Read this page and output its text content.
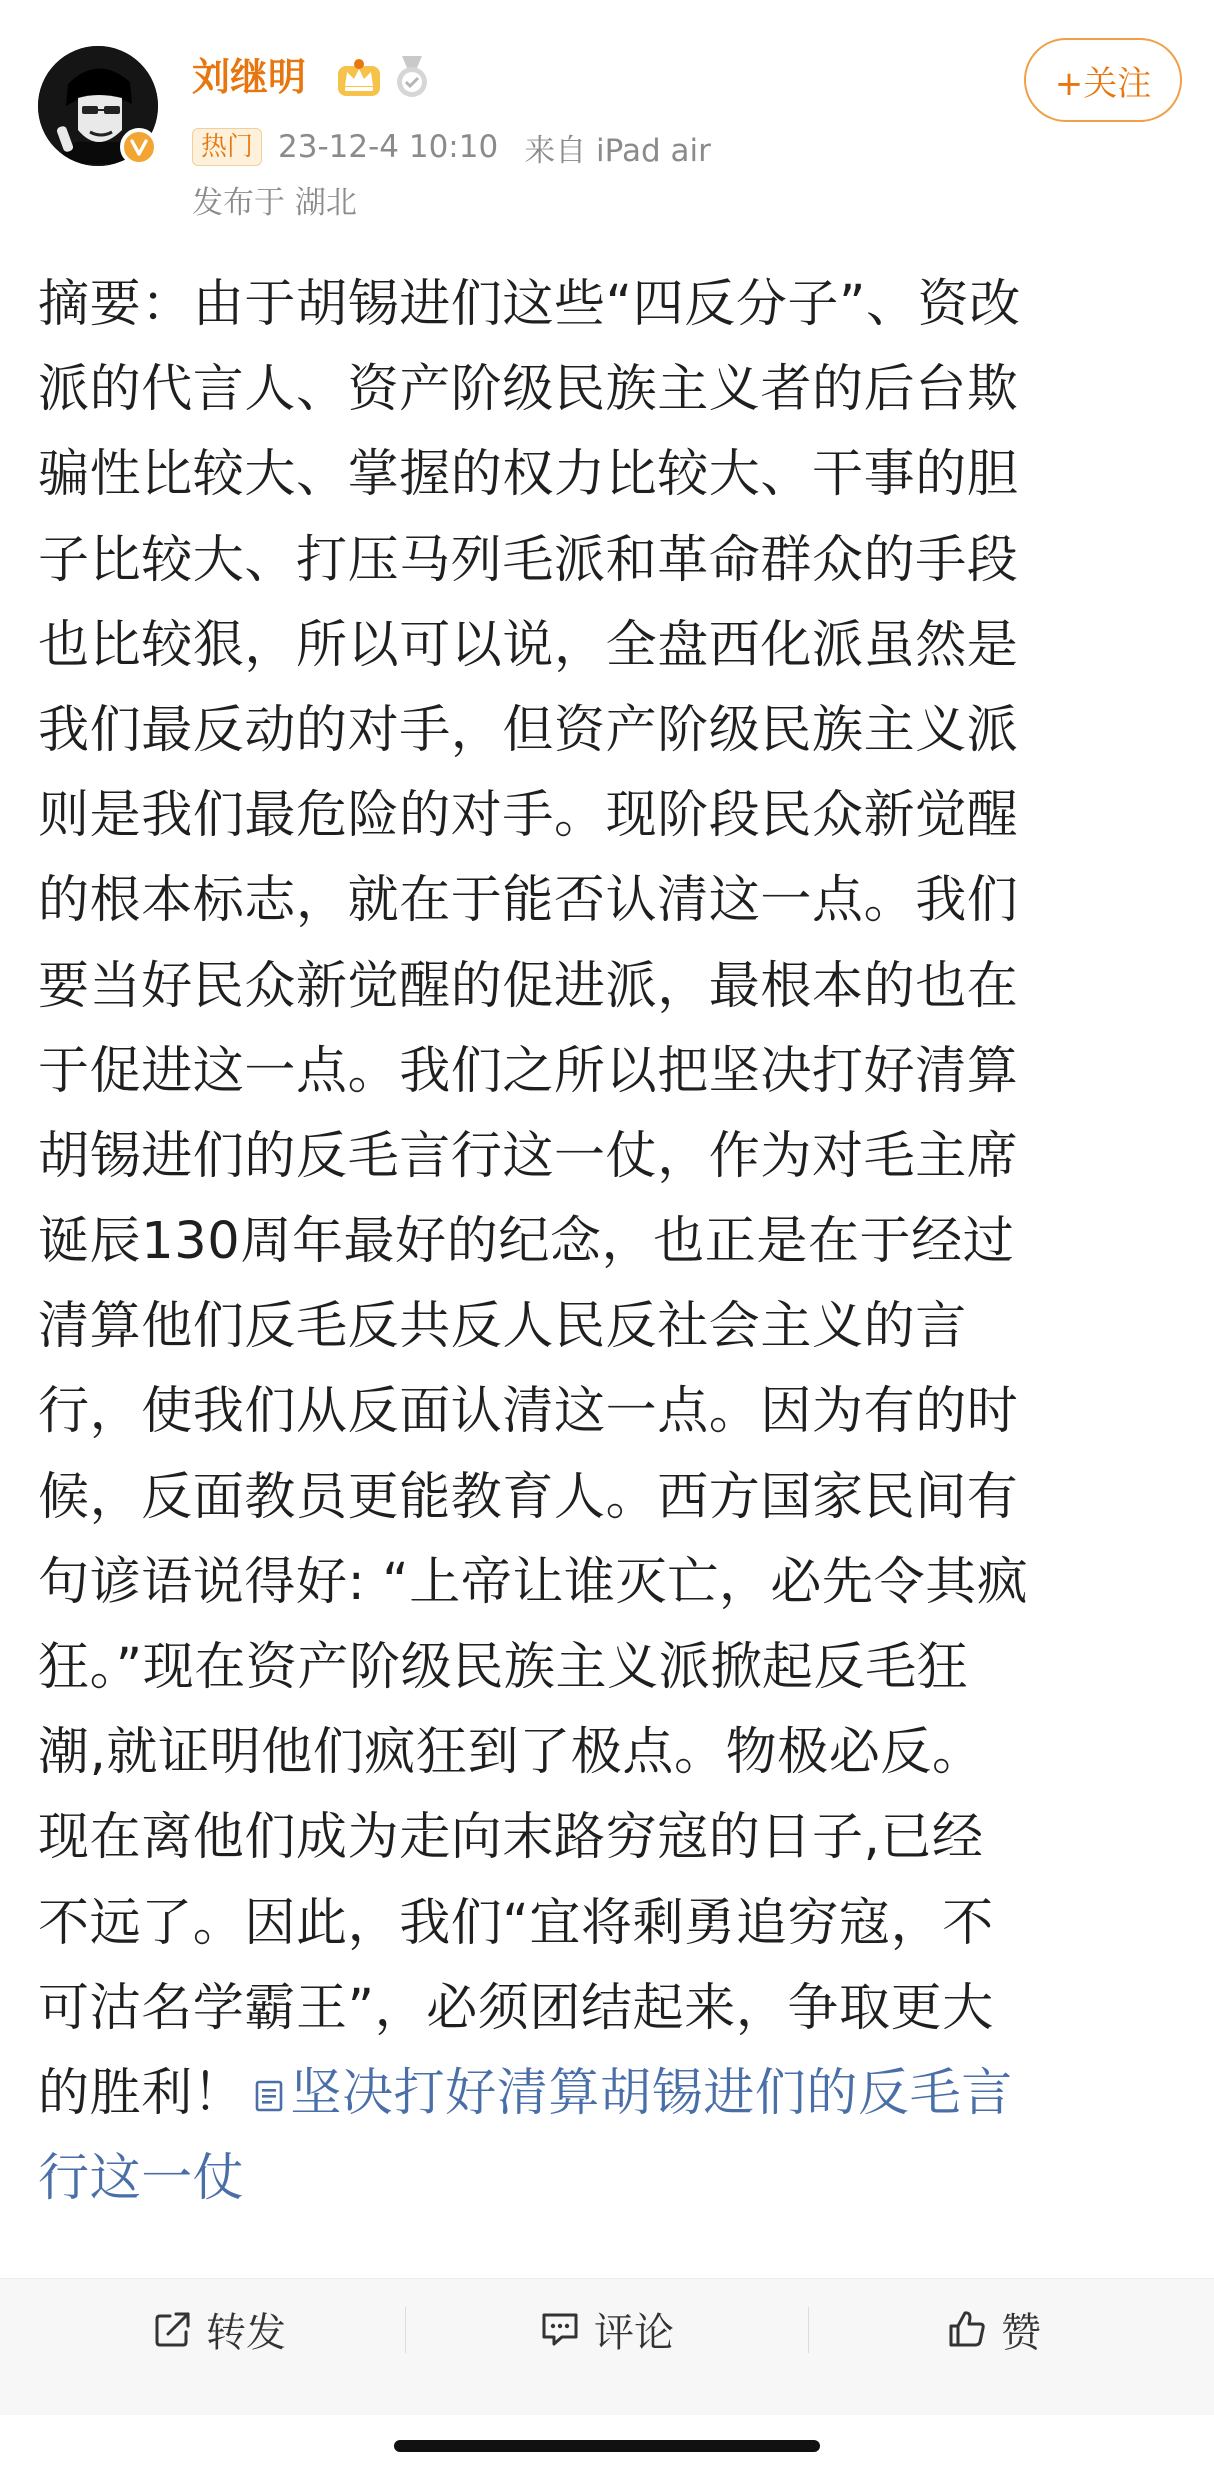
刘继明	+关注
热门 23-12-4 10:10 来自 iPad air
发布于 湖北
摘要：由于胡锡进们这些“四反分子”、资改
派的代言人、资产阶级民族主义者的后台欺
骗性比较大、掌握的权力比较大、干事的胆
子比较大、打压马列毛派和革命群众的手段
也比较狠，所以可以说，全盘西化派虽然是
我们最反动的对手，但资产阶级民族主义派
则是我们最危险的对手。现阶段民众新觉醒
的根本标志，就在于能否认清这一点。我们
要当好民众新觉醒的促进派，最根本的也在
于促进这一点。我们之所以把坚决打好清算
胡锡进们的反毛言行这一仗，作为对毛主席
诞辰130周年最好的纪念，也正是在于经过
清算他们反毛反共反人民反社会主义的言
行，使我们从反面认清这一点。因为有的时
候，反面教员更能教育人。西方国家民间有
句谚语说得好: “上帝让谁灭亡，必先令其疯
狂。”现在资产阶级民族主义派掀起反毛狂
潮,就证明他们疯狂到了极点。物极必反。
现在离他们成为走向末路穷寇的日子,已经
不远了。因此，我们“宜将剩勇追穷寇，不
可沽名学霸王”，必须团结起来，争取更大
的胜利！ 坚决打好清算胡锡进们的反毛言
行这一仗
转发	评论	赞
